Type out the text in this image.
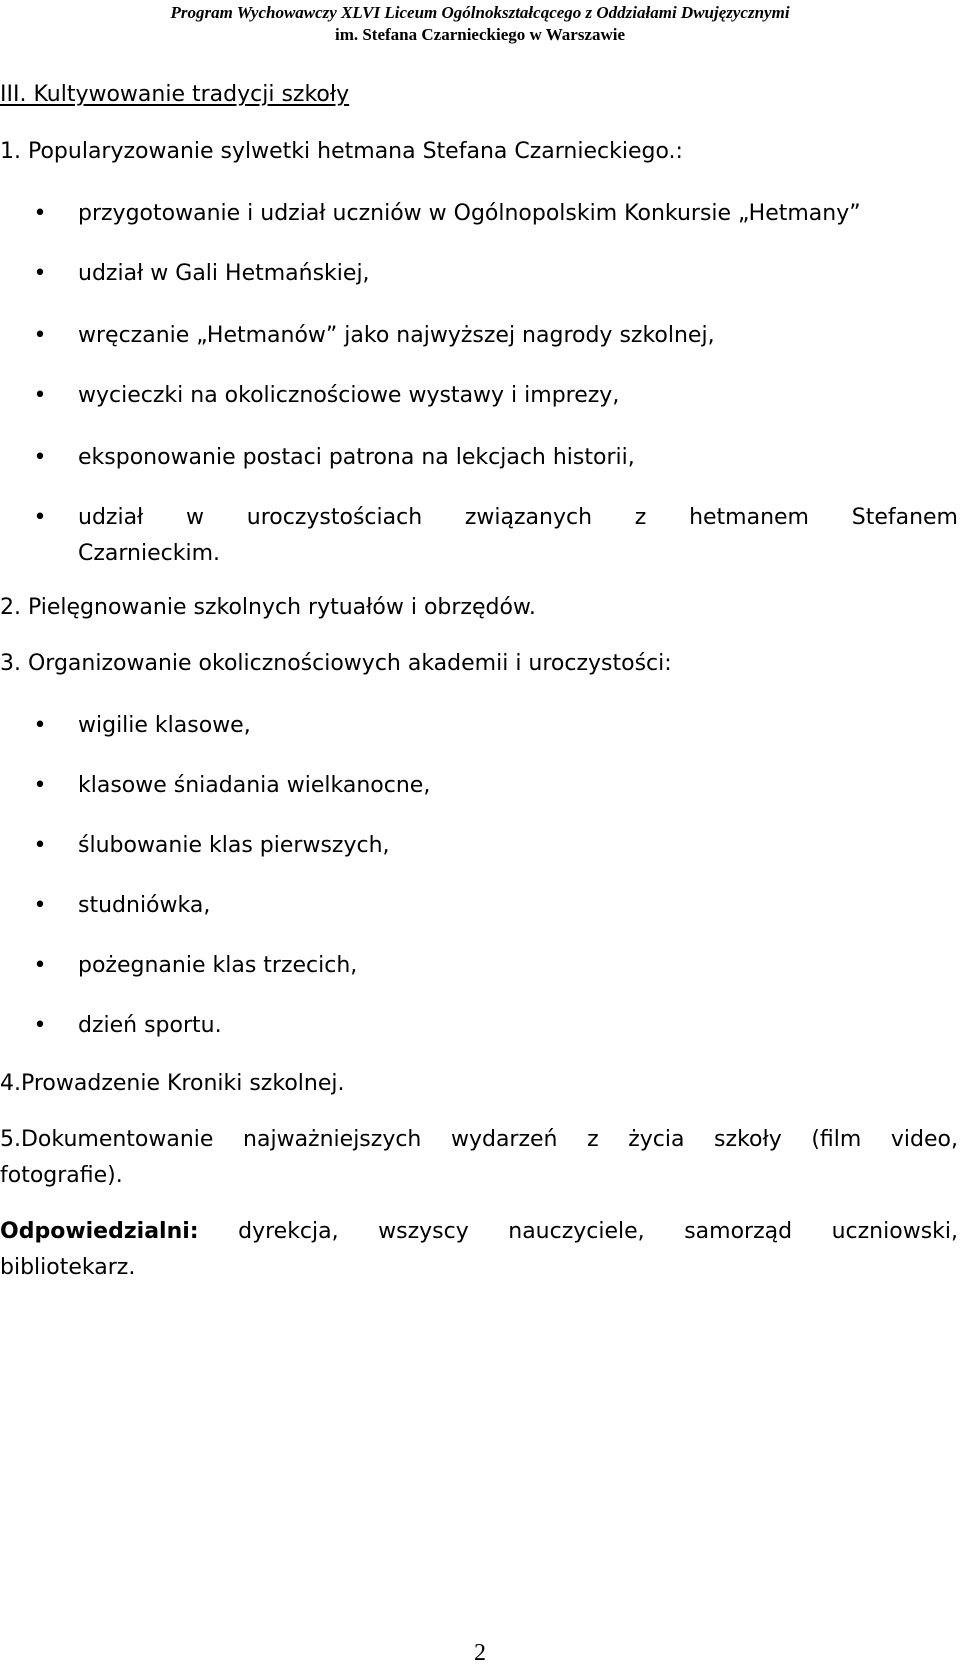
Program Wychowawczy XLVI Liceum Ogólnokształcącego z Oddziałami Dwujęzycznymi
im. Stefana Czarnieckiego w Warszawie
III. Kultywowanie tradycji szkoły
1. Popularyzowanie sylwetki hetmana Stefana Czarnieckiego.:
•	przygotowanie i udział uczniów w Ogólnopolskim Konkursie „Hetmany”
•	udział w Gali Hetmańskiej,
•	wręczanie „Hetmanów” jako najwyższej nagrody szkolnej,
•	wycieczki na okolicznościowe wystawy i imprezy,
•	eksponowanie postaci patrona na lekcjach historii,
•	udział w uroczystościach związanych z hetmanem Stefanem
Czarnieckim.
2. Pielęgnowanie szkolnych rytuałów i obrzędów.
3. Organizowanie okolicznościowych akademii i uroczystości:
•	wigilie klasowe,
•	klasowe śniadania wielkanocne,
•	ślubowanie klas pierwszych,
•	studniówka,
•	pożegnanie klas trzecich,
•	dzień sportu.
4.Prowadzenie Kroniki szkolnej.
5.Dokumentowanie najważniejszych wydarzeń z życia szkoły (film video,
fotografie).
Odpowiedzialni: dyrekcja, wszyscy nauczyciele, samorząd uczniowski,
bibliotekarz.
2
